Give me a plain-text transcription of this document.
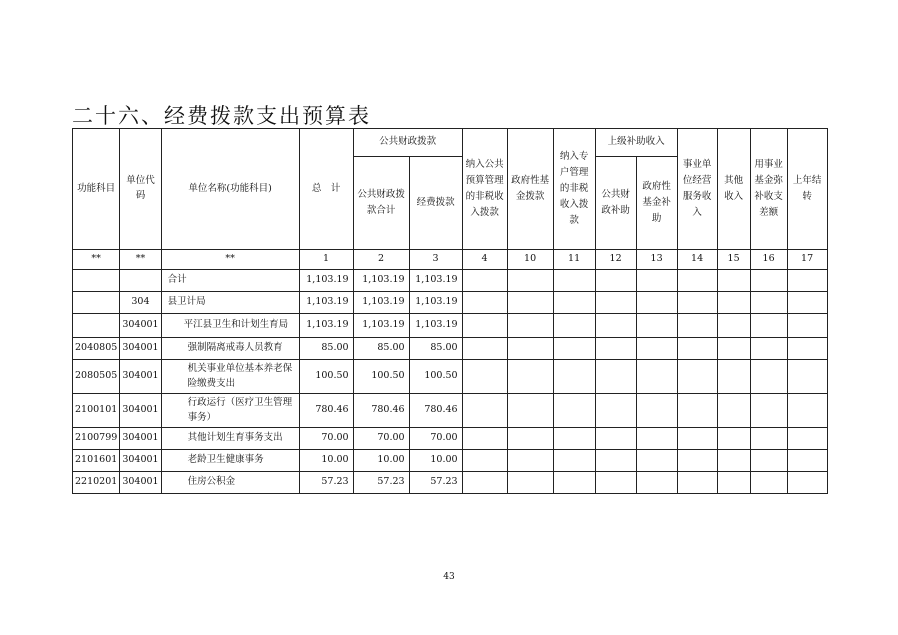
二十六、经费拨款支出预算表
功能科目	单位代码	单位名称(功能科目)	总　计	公共财政拨款		纳入公共预算管理的非税收入拨款	政府性基金拨款	纳入专户管理的非税收入拨款	上级补助收入		事业单位经营服务收入	其他收入	用事业基金弥补收支差额	上年结转
				公共财政拨款合计	经费拨款				公共财政补助	政府性基金补助				
**	**	**	1	2	3	4	10	11	12	13	14	15	16	17
		合计	1,103.19	1,103.19	1,103.19									
	304	县卫计局	1,103.19	1,103.19	1,103.19									
	304001	平江县卫生和计划生育局	1,103.19	1,103.19	1,103.19									
2040805	304001	强制隔离戒毒人员教育	85.00	85.00	85.00									
2080505	304001	机关事业单位基本养老保险缴费支出	100.50	100.50	100.50									
2100101	304001	行政运行（医疗卫生管理事务）	780.46	780.46	780.46									
2100799	304001	其他计划生育事务支出	70.00	70.00	70.00									
2101601	304001	老龄卫生健康事务	10.00	10.00	10.00									
2210201	304001	住房公积金	57.23	57.23	57.23									
43
